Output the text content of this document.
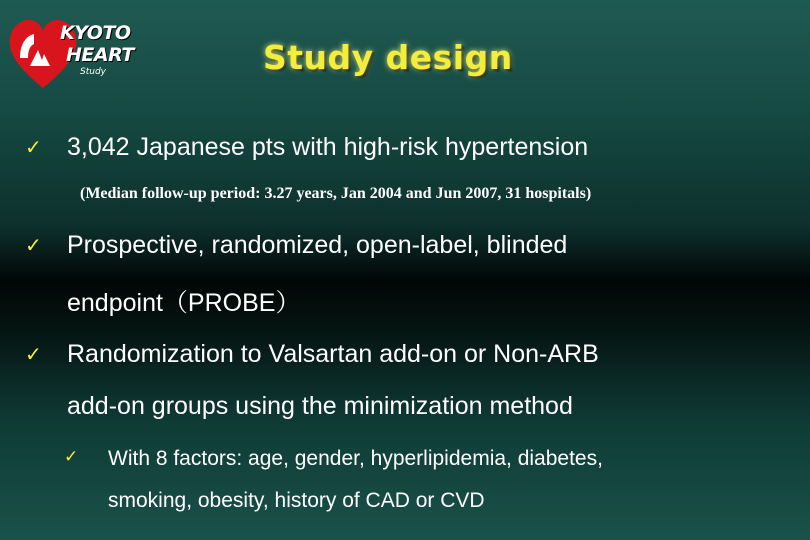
KYOTO
HEART
Study	Study design
✓ 3,042 Japanese pts with high-risk hypertension
(Median follow-up period: 3.27 years, Jan 2004 and Jun 2007, 31 hospitals)
✓ Prospective, randomized, open-label, blinded
endpoint（PROBE）
✓ Randomization to Valsartan add-on or Non-ARB
add-on groups using the minimization method
✓ With 8 factors: age, gender, hyperlipidemia, diabetes,
smoking, obesity, history of CAD or CVD
